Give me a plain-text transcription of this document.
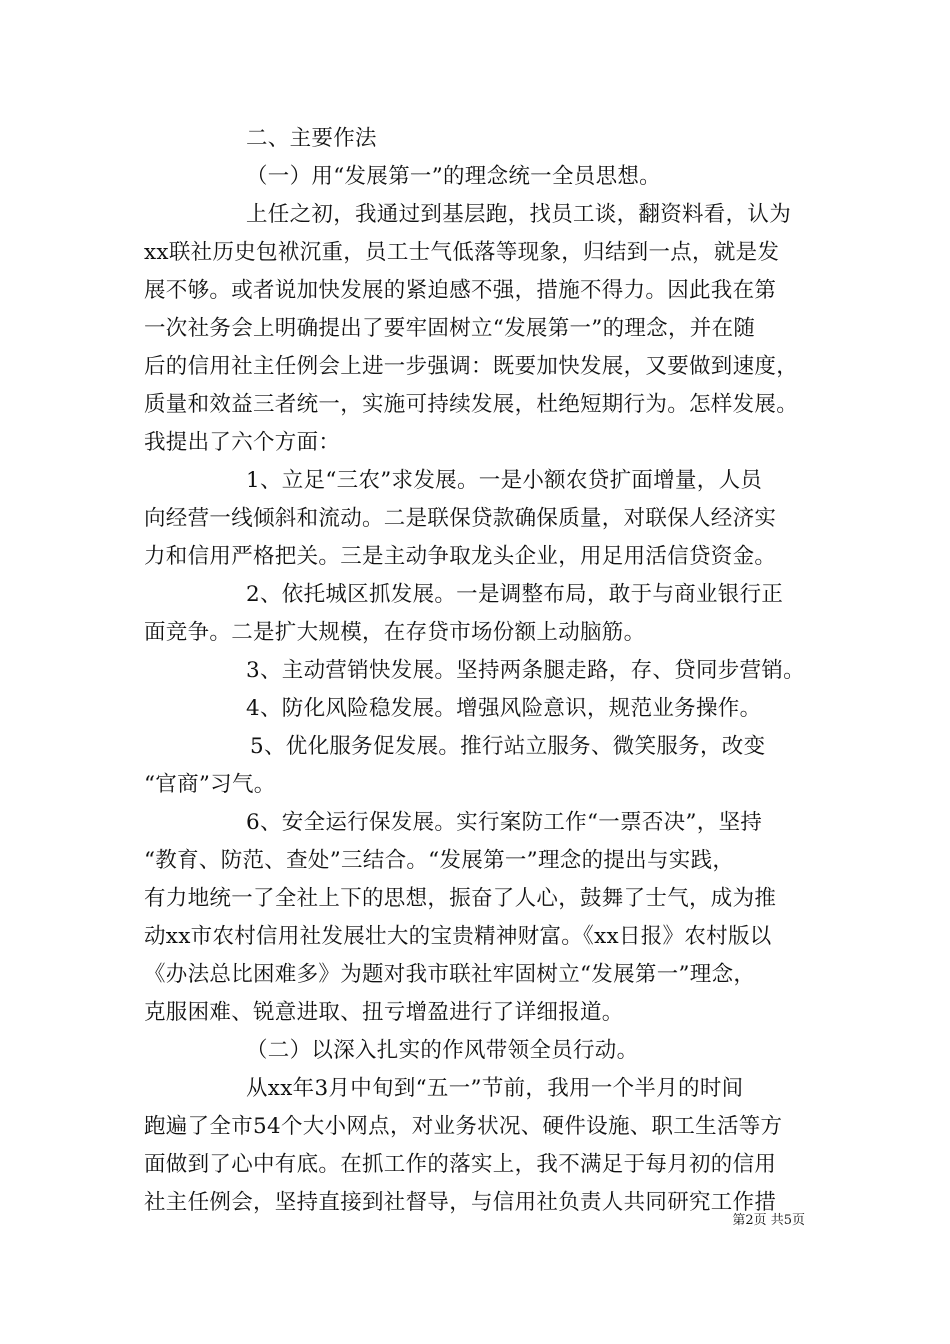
二、主要作法
（一）用“发展第一”的理念统一全员思想。
上任之初，我通过到基层跑，找员工谈，翻资料看，认为
xx联社历史包袱沉重，员工士气低落等现象，归结到一点，就是发
展不够。或者说加快发展的紧迫感不强，措施不得力。因此我在第
一次社务会上明确提出了要牢固树立“发展第一”的理念，并在随
后的信用社主任例会上进一步强调：既要加快发展，又要做到速度，
质量和效益三者统一，实施可持续发展，杜绝短期行为。怎样发展。
我提出了六个方面：
1、立足“三农”求发展。一是小额农贷扩面增量，人员
向经营一线倾斜和流动。二是联保贷款确保质量，对联保人经济实
力和信用严格把关。三是主动争取龙头企业，用足用活信贷资金。
2、依托城区抓发展。一是调整布局，敢于与商业银行正
面竞争。二是扩大规模，在存贷市场份额上动脑筋。
3、主动营销快发展。坚持两条腿走路，存、贷同步营销。
4、防化风险稳发展。增强风险意识，规范业务操作。
5、优化服务促发展。推行站立服务、微笑服务，改变
“官商”习气。
6、安全运行保发展。实行案防工作“一票否决”，坚持
“教育、防范、查处”三结合。“发展第一”理念的提出与实践，
有力地统一了全社上下的思想，振奋了人心，鼓舞了士气，成为推
动xx市农村信用社发展壮大的宝贵精神财富。《xx日报》农村版以
《办法总比困难多》为题对我市联社牢固树立“发展第一”理念，
克服困难、锐意进取、扭亏增盈进行了详细报道。
（二）以深入扎实的作风带领全员行动。
从xx年3月中旬到“五一”节前，我用一个半月的时间
跑遍了全市54个大小网点，对业务状况、硬件设施、职工生活等方
面做到了心中有底。在抓工作的落实上，我不满足于每月初的信用
社主任例会，坚持直接到社督导，与信用社负责人共同研究工作措
第2页 共5页
